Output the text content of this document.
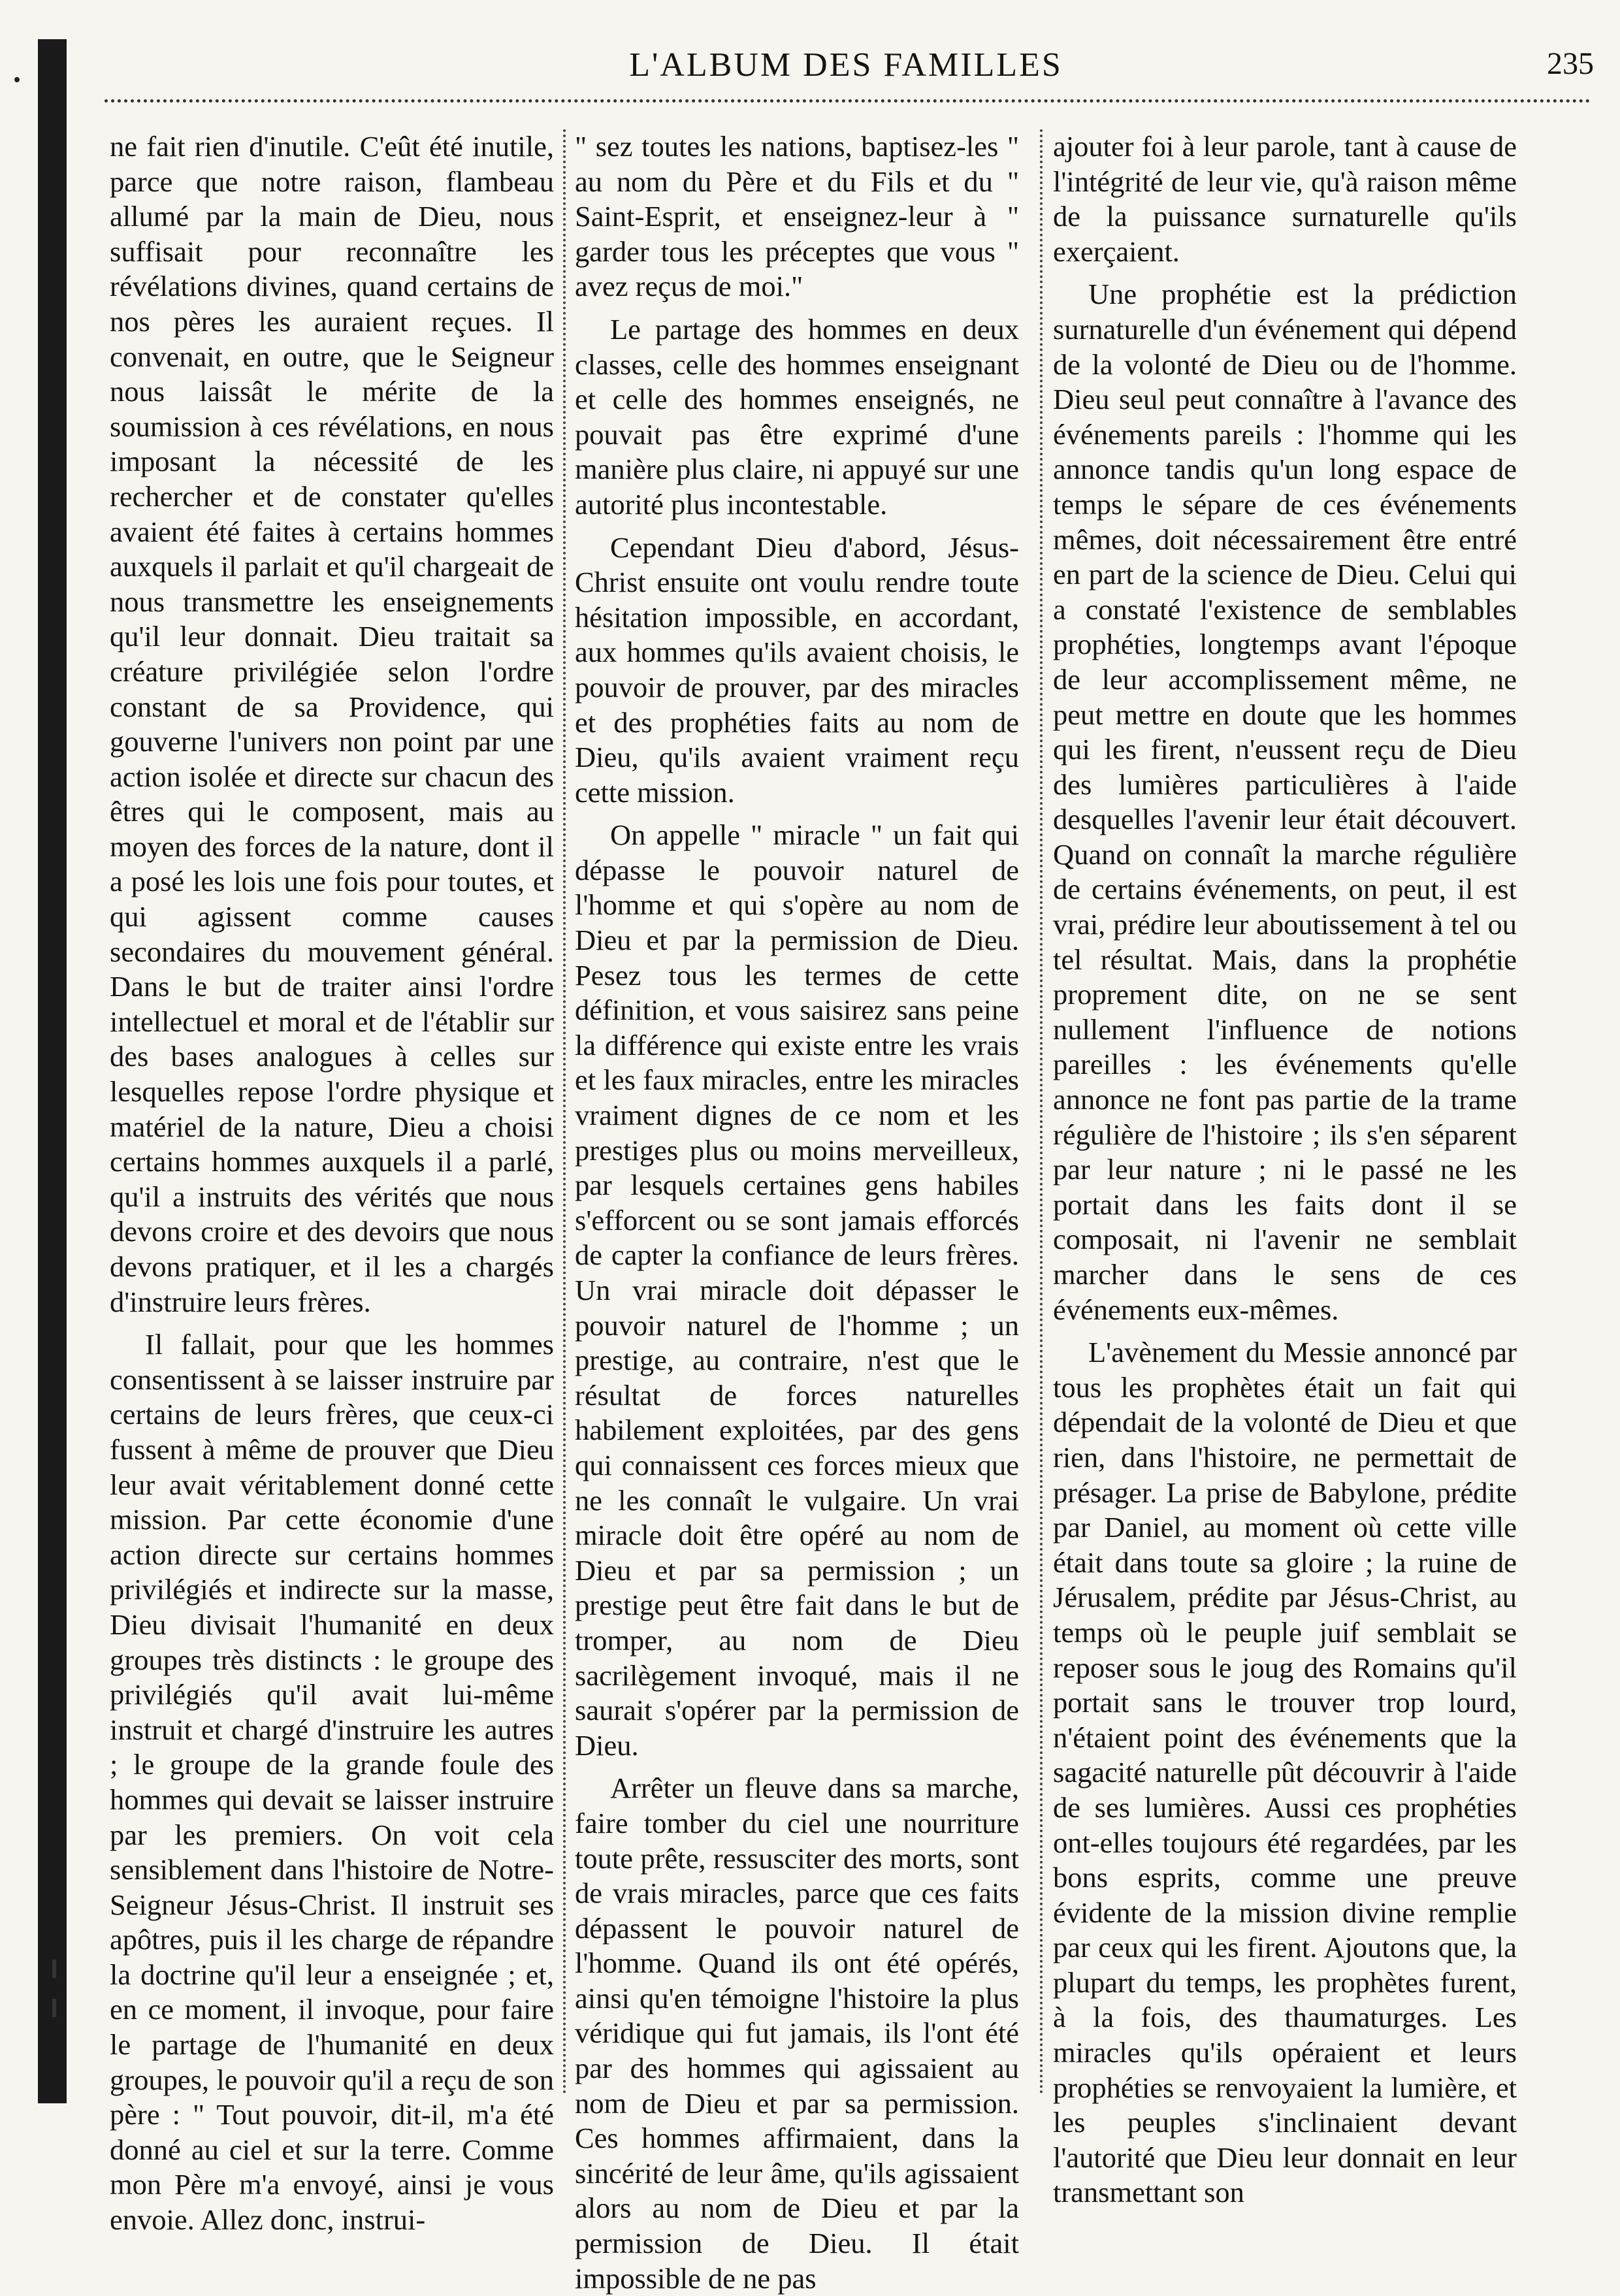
L'ALBUM DES FAMILLES	235

ne fait rien d'inutile. C'eût été inutile, parce que notre raison, flambeau allumé par la main de Dieu, nous suffisait pour reconnaître les révélations divines, quand certains de nos pères les auraient reçues. Il convenait, en outre, que le Seigneur nous laissât le mérite de la soumission à ces révélations, en nous imposant la nécessité de les rechercher et de constater qu'elles avaient été faites à certains hommes auxquels il parlait et qu'il chargeait de nous transmettre les enseignements qu'il leur donnait. Dieu traitait sa créature privilégiée selon l'ordre constant de sa Providence, qui gouverne l'univers non point par une action isolée et directe sur chacun des êtres qui le composent, mais au moyen des forces de la nature, dont il a posé les lois une fois pour toutes, et qui agissent comme causes secondaires du mouvement général. Dans le but de traiter ainsi l'ordre intellectuel et moral et de l'établir sur des bases analogues à celles sur lesquelles repose l'ordre physique et matériel de la nature, Dieu a choisi certains hommes auxquels il a parlé, qu'il a instruits des vérités que nous devons croire et des devoirs que nous devons pratiquer, et il les a chargés d'instruire leurs frères.

Il fallait, pour que les hommes consentissent à se laisser instruire par certains de leurs frères, que ceux-ci fussent à même de prouver que Dieu leur avait véritablement donné cette mission. Par cette économie d'une action directe sur certains hommes privilégiés et indirecte sur la masse, Dieu divisait l'humanité en deux groupes très distincts : le groupe des privilégiés qu'il avait lui-même instruit et chargé d'instruire les autres ; le groupe de la grande foule des hommes qui devait se laisser instruire par les premiers. On voit cela sensiblement dans l'histoire de Notre-Seigneur Jésus-Christ. Il instruit ses apôtres, puis il les charge de répandre la doctrine qu'il leur a enseignée ; et, en ce moment, il invoque, pour faire le partage de l'humanité en deux groupes, le pouvoir qu'il a reçu de son père : " Tout pouvoir, dit-il, m'a été donné au ciel et sur la terre. Comme mon Père m'a envoyé, ainsi je vous envoie. Allez donc, instrui-

" sez toutes les nations, baptisez-les " au nom du Père et du Fils et du " Saint-Esprit, et enseignez-leur à " garder tous les préceptes que vous " avez reçus de moi."

Le partage des hommes en deux classes, celle des hommes enseignant et celle des hommes enseignés, ne pouvait pas être exprimé d'une manière plus claire, ni appuyé sur une autorité plus incontestable.

Cependant Dieu d'abord, Jésus-Christ ensuite ont voulu rendre toute hésitation impossible, en accordant, aux hommes qu'ils avaient choisis, le pouvoir de prouver, par des miracles et des prophéties faits au nom de Dieu, qu'ils avaient vraiment reçu cette mission.

On appelle " miracle " un fait qui dépasse le pouvoir naturel de l'homme et qui s'opère au nom de Dieu et par la permission de Dieu. Pesez tous les termes de cette définition, et vous saisirez sans peine la différence qui existe entre les vrais et les faux miracles, entre les miracles vraiment dignes de ce nom et les prestiges plus ou moins merveilleux, par lesquels certaines gens habiles s'efforcent ou se sont jamais efforcés de capter la confiance de leurs frères. Un vrai miracle doit dépasser le pouvoir naturel de l'homme ; un prestige, au contraire, n'est que le résultat de forces naturelles habilement exploitées, par des gens qui connaissent ces forces mieux que ne les connaît le vulgaire. Un vrai miracle doit être opéré au nom de Dieu et par sa permission ; un prestige peut être fait dans le but de tromper, au nom de Dieu sacrilègement invoqué, mais il ne saurait s'opérer par la permission de Dieu.

Arrêter un fleuve dans sa marche, faire tomber du ciel une nourriture toute prête, ressusciter des morts, sont de vrais miracles, parce que ces faits dépassent le pouvoir naturel de l'homme. Quand ils ont été opérés, ainsi qu'en témoigne l'histoire la plus véridique qui fut jamais, ils l'ont été par des hommes qui agissaient au nom de Dieu et par sa permission. Ces hommes affirmaient, dans la sincérité de leur âme, qu'ils agissaient alors au nom de Dieu et par la permission de Dieu. Il était impossible de ne pas

ajouter foi à leur parole, tant à cause de l'intégrité de leur vie, qu'à raison même de la puissance surnaturelle qu'ils exerçaient.

Une prophétie est la prédiction surnaturelle d'un événement qui dépend de la volonté de Dieu ou de l'homme. Dieu seul peut connaître à l'avance des événements pareils : l'homme qui les annonce tandis qu'un long espace de temps le sépare de ces événements mêmes, doit nécessairement être entré en part de la science de Dieu. Celui qui a constaté l'existence de semblables prophéties, longtemps avant l'époque de leur accomplissement même, ne peut mettre en doute que les hommes qui les firent, n'eussent reçu de Dieu des lumières particulières à l'aide desquelles l'avenir leur était découvert. Quand on connaît la marche régulière de certains événements, on peut, il est vrai, prédire leur aboutissement à tel ou tel résultat. Mais, dans la prophétie proprement dite, on ne se sent nullement l'influence de notions pareilles : les événements qu'elle annonce ne font pas partie de la trame régulière de l'histoire ; ils s'en séparent par leur nature ; ni le passé ne les portait dans les faits dont il se composait, ni l'avenir ne semblait marcher dans le sens de ces événements eux-mêmes.

L'avènement du Messie annoncé par tous les prophètes était un fait qui dépendait de la volonté de Dieu et que rien, dans l'histoire, ne permettait de présager. La prise de Babylone, prédite par Daniel, au moment où cette ville était dans toute sa gloire ; la ruine de Jérusalem, prédite par Jésus-Christ, au temps où le peuple juif semblait se reposer sous le joug des Romains qu'il portait sans le trouver trop lourd, n'étaient point des événements que la sagacité naturelle pût découvrir à l'aide de ses lumières. Aussi ces prophéties ont-elles toujours été regardées, par les bons esprits, comme une preuve évidente de la mission divine remplie par ceux qui les firent. Ajoutons que, la plupart du temps, les prophètes furent, à la fois, des thaumaturges. Les miracles qu'ils opéraient et leurs prophéties se renvoyaient la lumière, et les peuples s'inclinaient devant l'autorité que Dieu leur donnait en leur transmettant son
